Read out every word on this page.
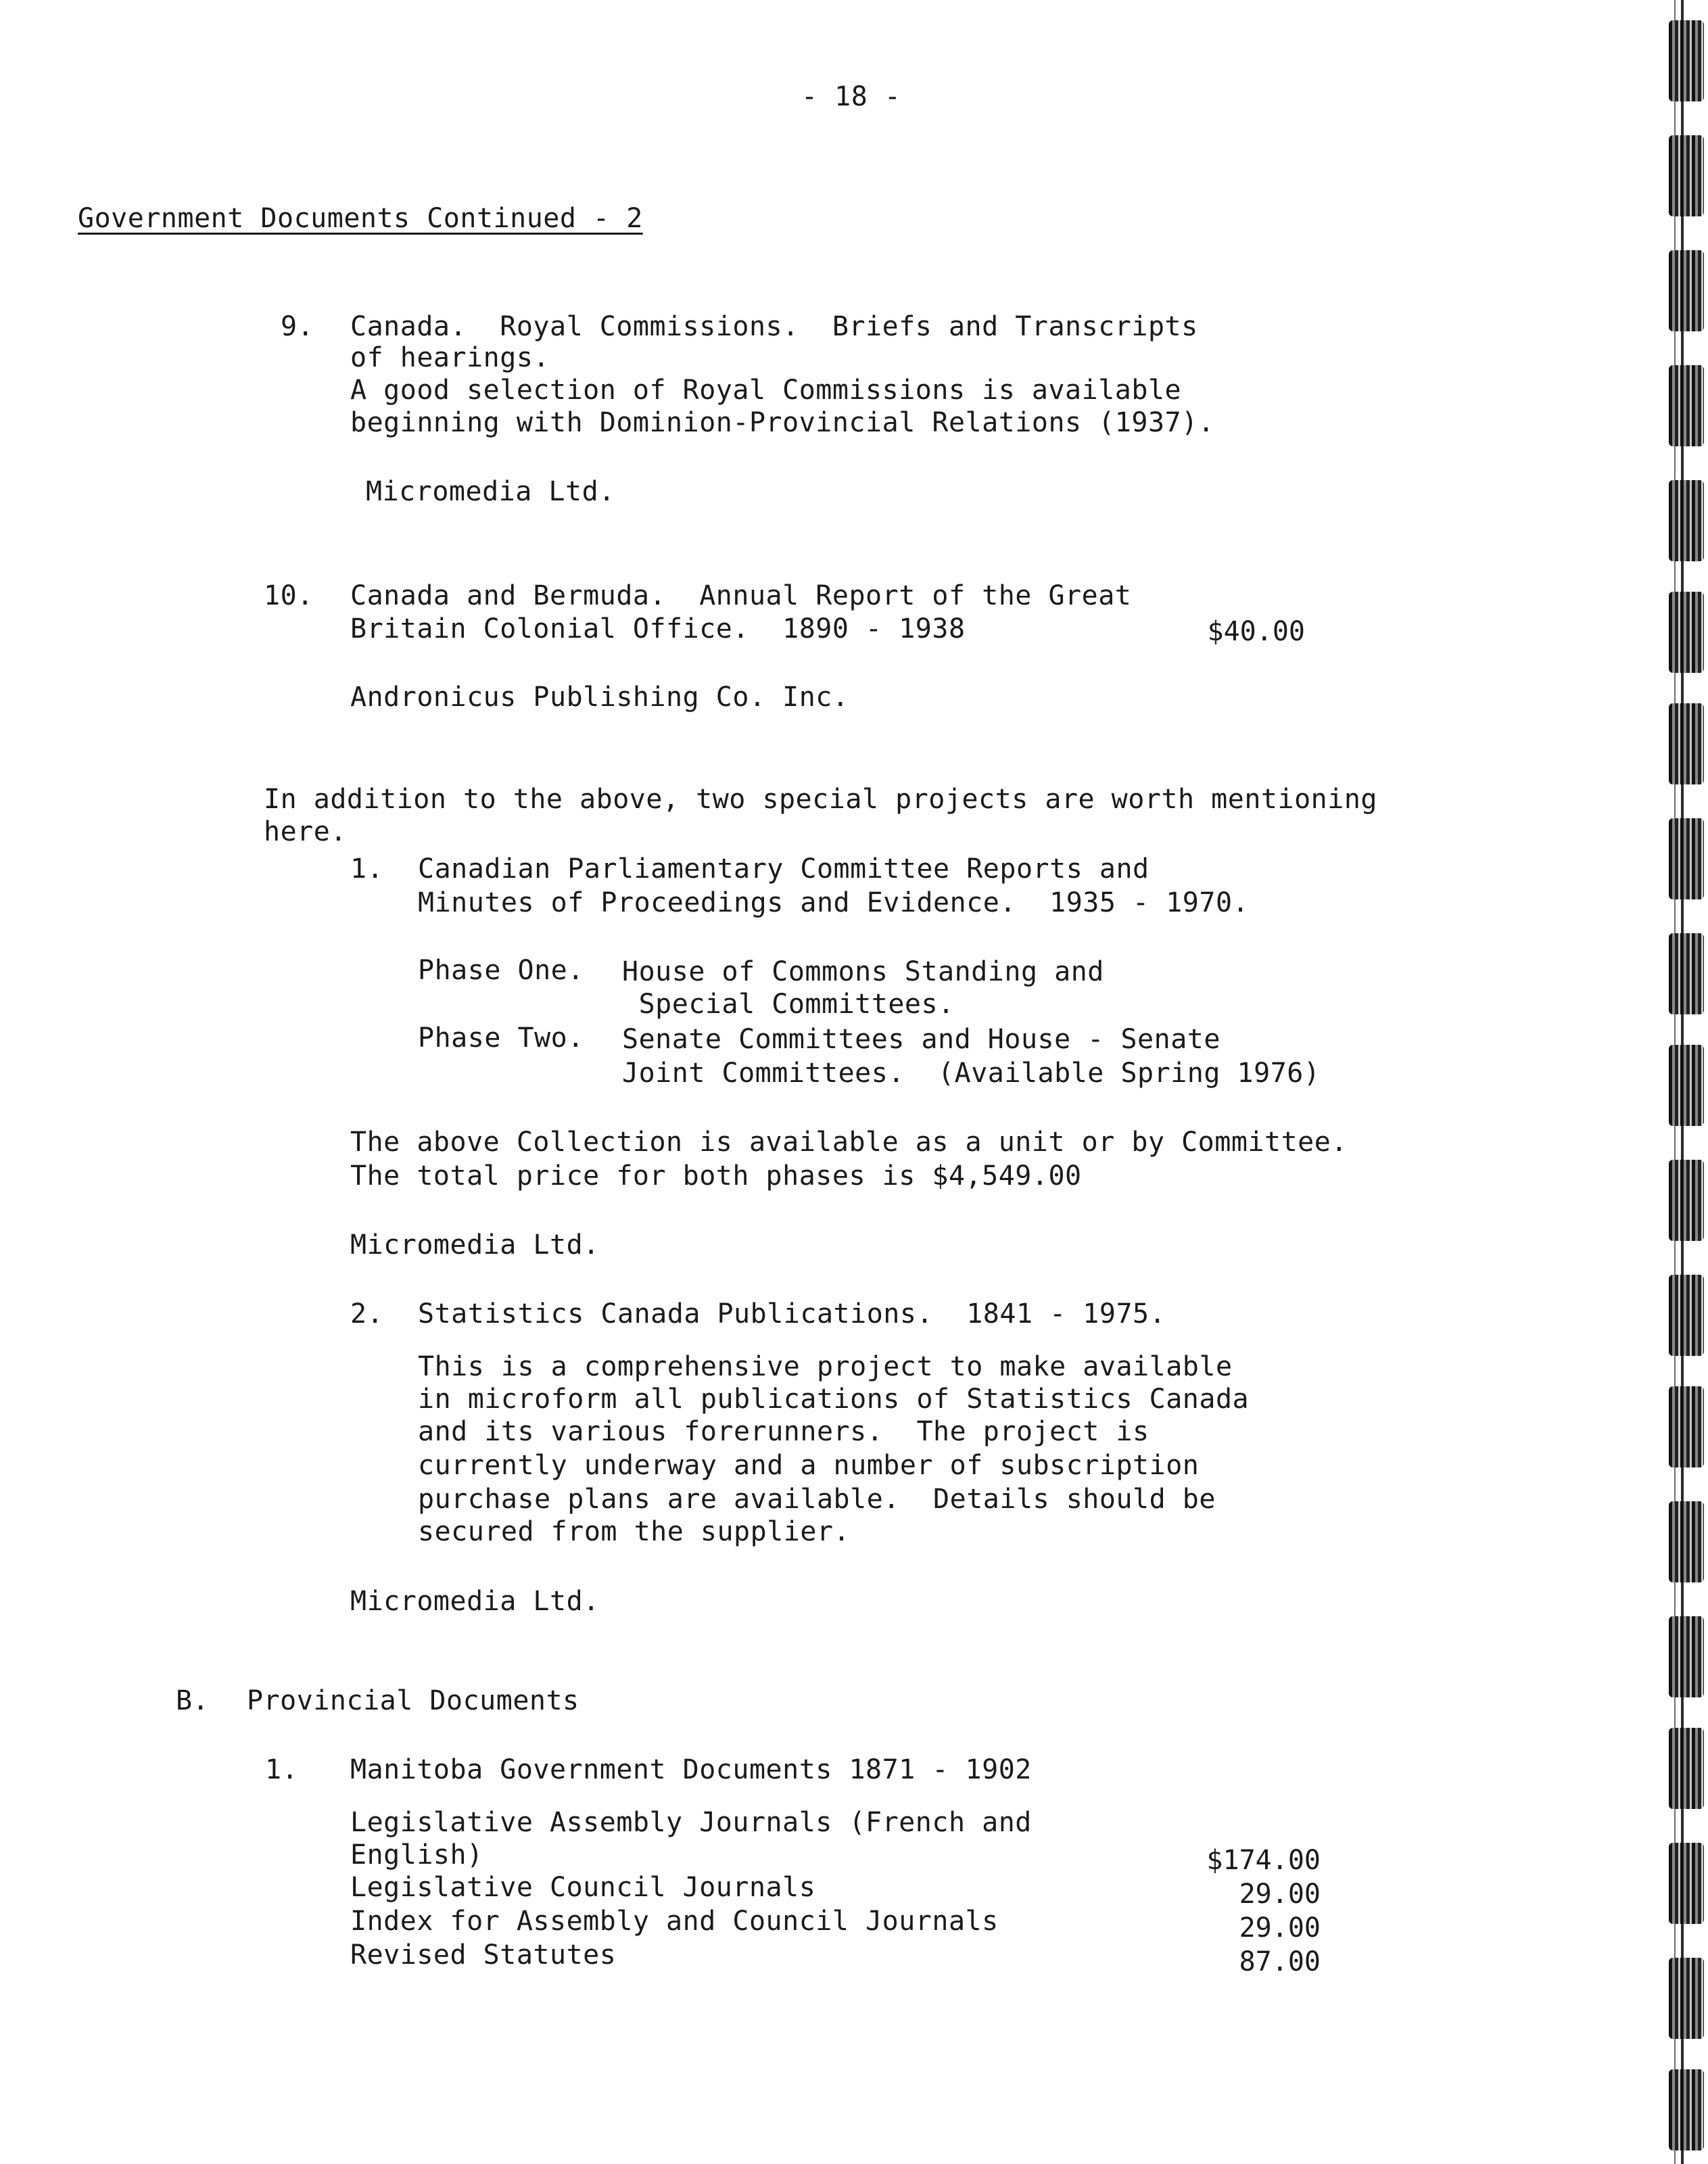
- 18 -
Government Documents Continued - 2
9. Canada.  Royal Commissions.  Briefs and Transcripts
of hearings.
A good selection of Royal Commissions is available
beginning with Dominion-Provincial Relations (1937).
Micromedia Ltd.
10. Canada and Bermuda.  Annual Report of the Great
Britain Colonial Office.  1890 - 1938	$40.00
Andronicus Publishing Co. Inc.
In addition to the above, two special projects are worth mentioning
here.
1. Canadian Parliamentary Committee Reports and
Minutes of Proceedings and Evidence.  1935 - 1970.
Phase One. House of Commons Standing and
Special Committees.
Phase Two. Senate Committees and House - Senate
Joint Committees.  (Available Spring 1976)
The above Collection is available as a unit or by Committee.
The total price for both phases is $4,549.00
Micromedia Ltd.
2. Statistics Canada Publications.  1841 - 1975.
This is a comprehensive project to make available
in microform all publications of Statistics Canada
and its various forerunners.  The project is
currently underway and a number of subscription
purchase plans are available.  Details should be
secured from the supplier.
Micromedia Ltd.
B. Provincial Documents
1. Manitoba Government Documents 1871 - 1902
Legislative Assembly Journals (French and
English)	$174.00
Legislative Council Journals	29.00
Index for Assembly and Council Journals	29.00
Revised Statutes	87.00
